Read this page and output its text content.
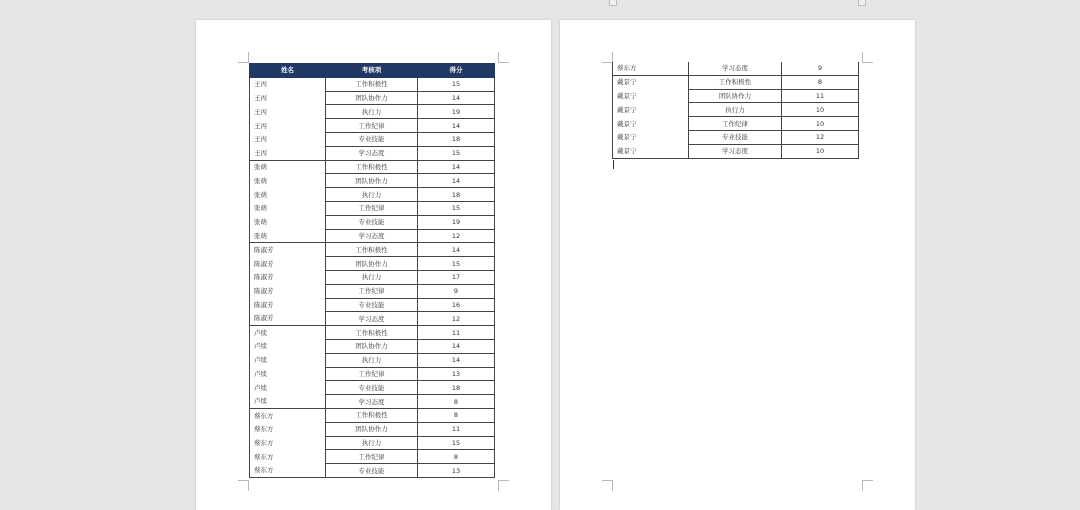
姓名	考核项	得分
王丙	工作积极性	15
王丙	团队协作力	14
王丙	执行力	19
王丙	工作纪律	14
王丙	专业技能	18
王丙	学习态度	15
张萌	工作积极性	14
张萌	团队协作力	14
张萌	执行力	18
张萌	工作纪律	15
张萌	专业技能	19
张萌	学习态度	12
陈淑芳	工作积极性	14
陈淑芳	团队协作力	15
陈淑芳	执行力	17
陈淑芳	工作纪律	9
陈淑芳	专业技能	16
陈淑芳	学习态度	12
卢续	工作积极性	11
卢续	团队协作力	14
卢续	执行力	14
卢续	工作纪律	13
卢续	专业技能	18
卢续	学习态度	8
蔡东方	工作积极性	8
蔡东方	团队协作力	11
蔡东方	执行力	15
蔡东方	工作纪律	8
蔡东方	专业技能	13
蔡东方	学习态度	9
戴景宁	工作积极性	8
戴景宁	团队协作力	11
戴景宁	执行力	10
戴景宁	工作纪律	10
戴景宁	专业技能	12
戴景宁	学习态度	10
